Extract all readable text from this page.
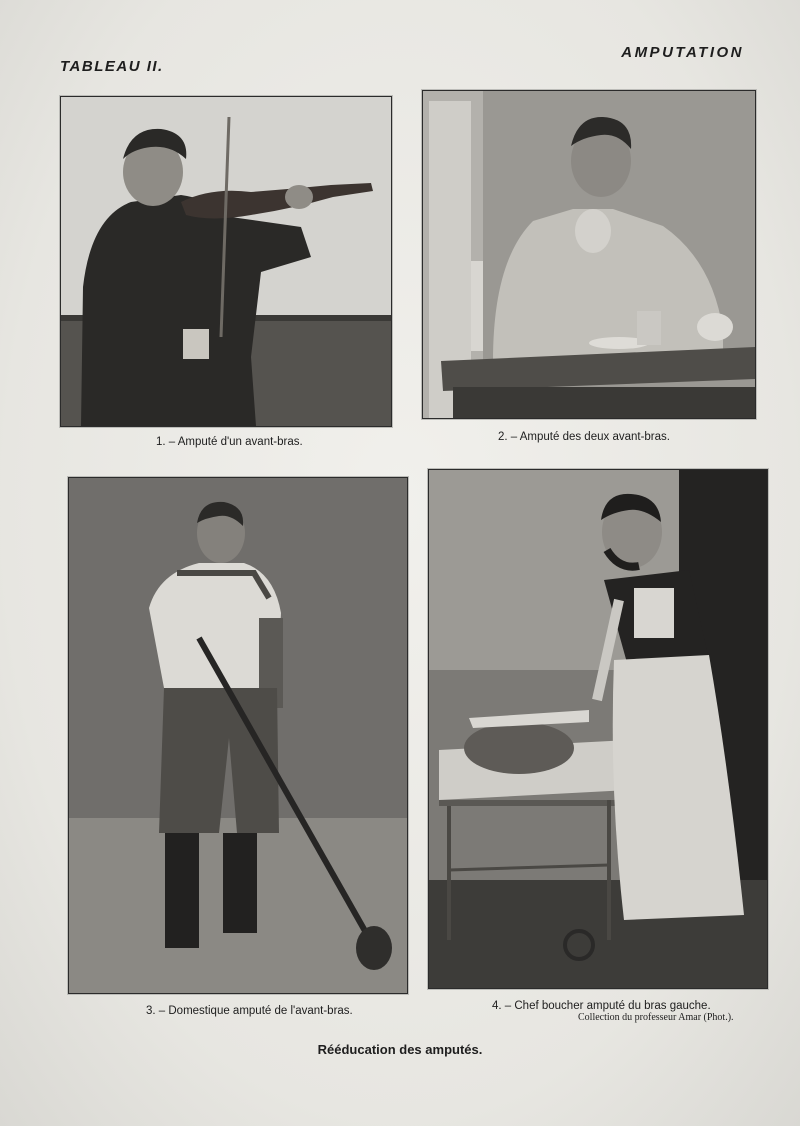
TABLEAU II.
AMPUTATION
1. – Amputé d'un avant-bras.	2. – Amputé des deux avant-bras.
3. – Domestique amputé de l'avant-bras.	4. – Chef boucher amputé du bras gauche.
Collection du professeur Amar (Phot.).
Rééducation des amputés.
